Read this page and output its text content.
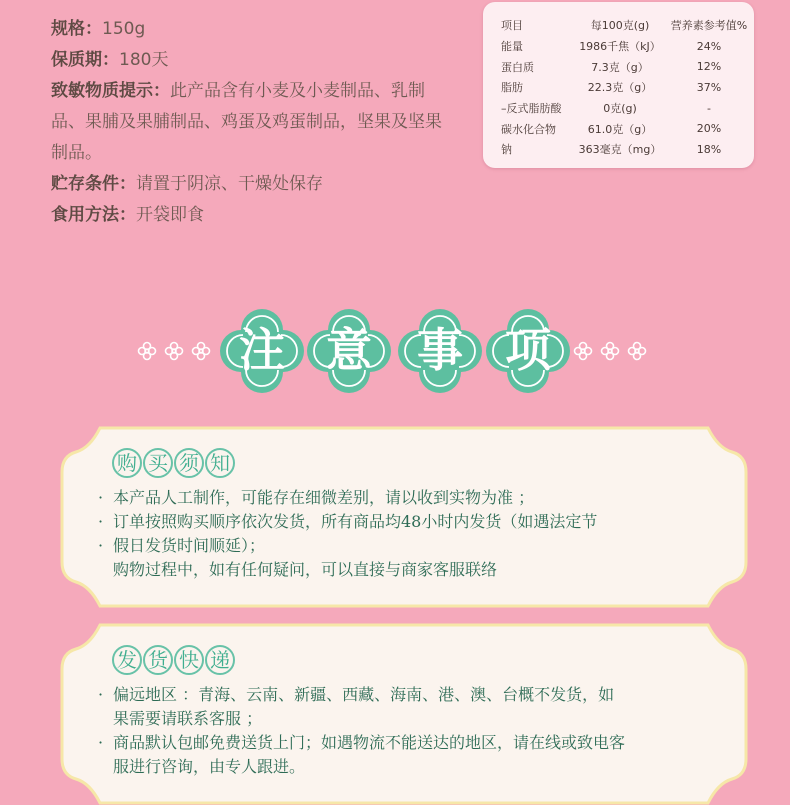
规格：150g

保质期：180天

致敏物质提示：此产品含有小麦及小麦制品、乳制品、果脯及果脯制品、鸡蛋及鸡蛋制品，坚果及坚果制品。

贮存条件：请置于阴凉、干燥处保存

食用方法：开袋即食

项目	每100克(g)	营养素参考值%
能量	1986千焦（kJ）	24%
蛋白质	7.3克（g）	12%
脂肪	22.3克（g）	37%
–反式脂肪酸	0克(g)	-
碳水化合物	61.0克（g）	20%
钠	363毫克（mg）	18%
注 意 事 项
购 买 须 知
· 本产品人工制作，可能存在细微差别，请以收到实物为准 ；
· 订单按照购买顺序依次发货，所有商品均48小时内发货（如遇法定节
· 假日发货时间顺延）；
购物过程中，如有任何疑问，可以直接与商家客服联络
发 货 快 递
· 偏远地区 ：青海、云南、新疆、西藏、海南、港、澳、台概不发货，如
果需要请联系客服 ；
· 商品默认包邮免费送货上门；如遇物流不能送达的地区，请在线或致电客
服进行咨询，由专人跟进。
